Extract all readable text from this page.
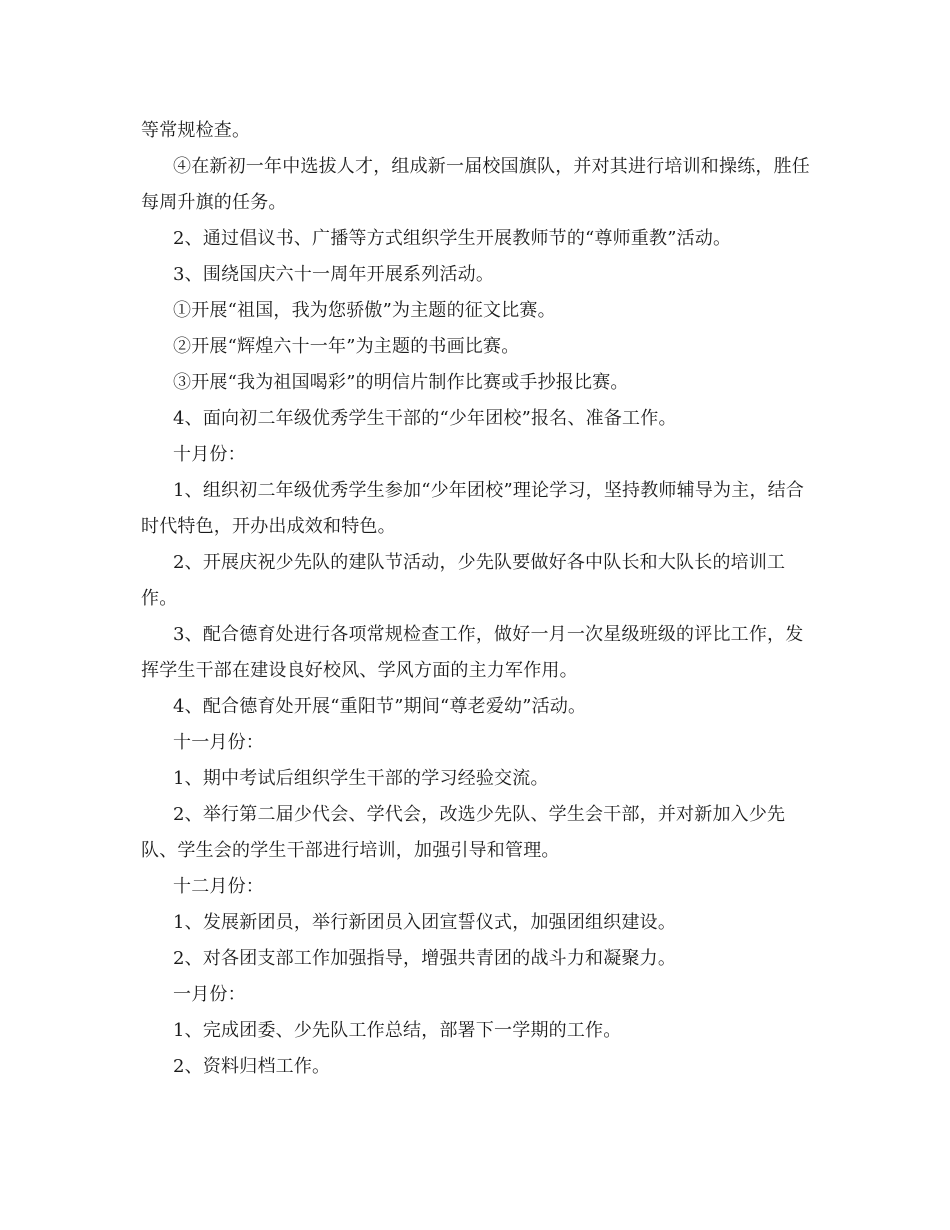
等常规检查。

④在新初一年中选拔人才，组成新一届校国旗队，并对其进行培训和操练，胜任每周升旗的任务。

2、通过倡议书、广播等方式组织学生开展教师节的“尊师重教”活动。

3、围绕国庆六十一周年开展系列活动。

①开展“祖国，我为您骄傲”为主题的征文比赛。

②开展“辉煌六十一年”为主题的书画比赛。

③开展“我为祖国喝彩”的明信片制作比赛或手抄报比赛。

4、面向初二年级优秀学生干部的“少年团校”报名、准备工作。

十月份：

1、组织初二年级优秀学生参加“少年团校”理论学习，坚持教师辅导为主，结合时代特色，开办出成效和特色。

2、开展庆祝少先队的建队节活动，少先队要做好各中队长和大队长的培训工作。

3、配合德育处进行各项常规检查工作，做好一月一次星级班级的评比工作，发挥学生干部在建设良好校风、学风方面的主力军作用。

4、配合德育处开展“重阳节”期间“尊老爱幼”活动。

十一月份：

1、期中考试后组织学生干部的学习经验交流。

2、举行第二届少代会、学代会，改选少先队、学生会干部，并对新加入少先队、学生会的学生干部进行培训，加强引导和管理。

十二月份：

1、发展新团员，举行新团员入团宣誓仪式，加强团组织建设。

2、对各团支部工作加强指导，增强共青团的战斗力和凝聚力。

一月份：

1、完成团委、少先队工作总结，部署下一学期的工作。

2、资料归档工作。
